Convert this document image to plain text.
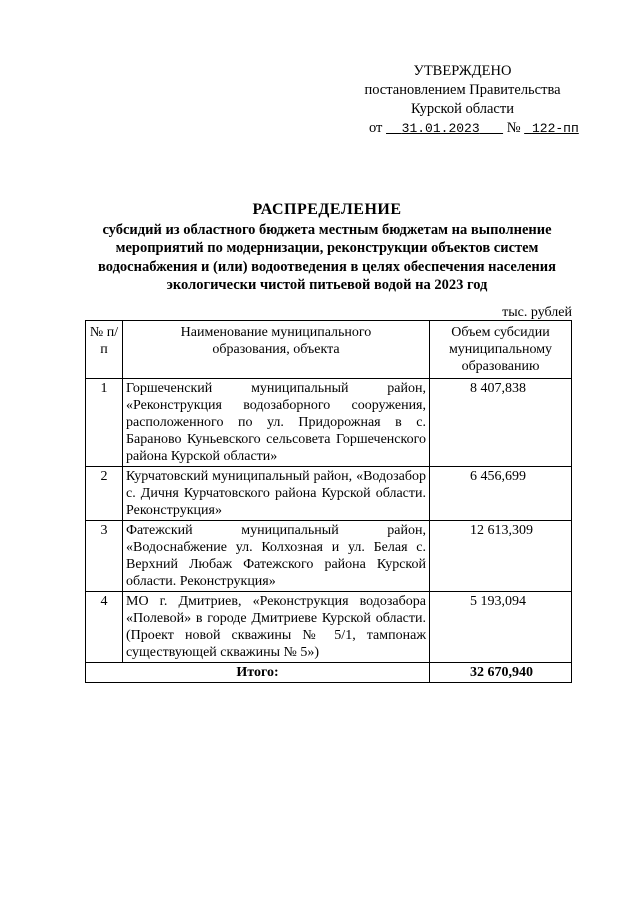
УТВЕРЖДЕНО
постановлением Правительства
Курской области
от 31.01.2023 № 122-пп
РАСПРЕДЕЛЕНИЕ
субсидий из областного бюджета местным бюджетам на выполнение
мероприятий по модернизации, реконструкции объектов систем
водоснабжения и (или) водоотведения в целях обеспечения населения
экологически чистой питьевой водой на 2023 год
тыс. рублей
№ п/п	Наименование муниципального образования, объекта	Объем субсидии муниципальному образованию

1	Горшеченский муниципальный район, «Реконструкция водозаборного сооружения, расположенного по ул. Придорожная в с. Бараново Куньевского сельсовета Горшеченского района Курской области»	8 407,838
2	Курчатовский муниципальный район, «Водозабор с. Дичня Курчатовского района Курской области. Реконструкция»	6 456,699
3	Фатежский муниципальный район, «Водоснабжение ул. Колхозная и ул. Белая с. Верхний Любаж Фатежского района Курской области. Реконструкция»	12 613,309
4	МО г. Дмитриев, «Реконструкция водозабора «Полевой» в городе Дмитриеве Курской области. (Проект новой скважины № 5/1, тампонаж существующей скважины № 5»)	5 193,094
Итого:		32 670,940
